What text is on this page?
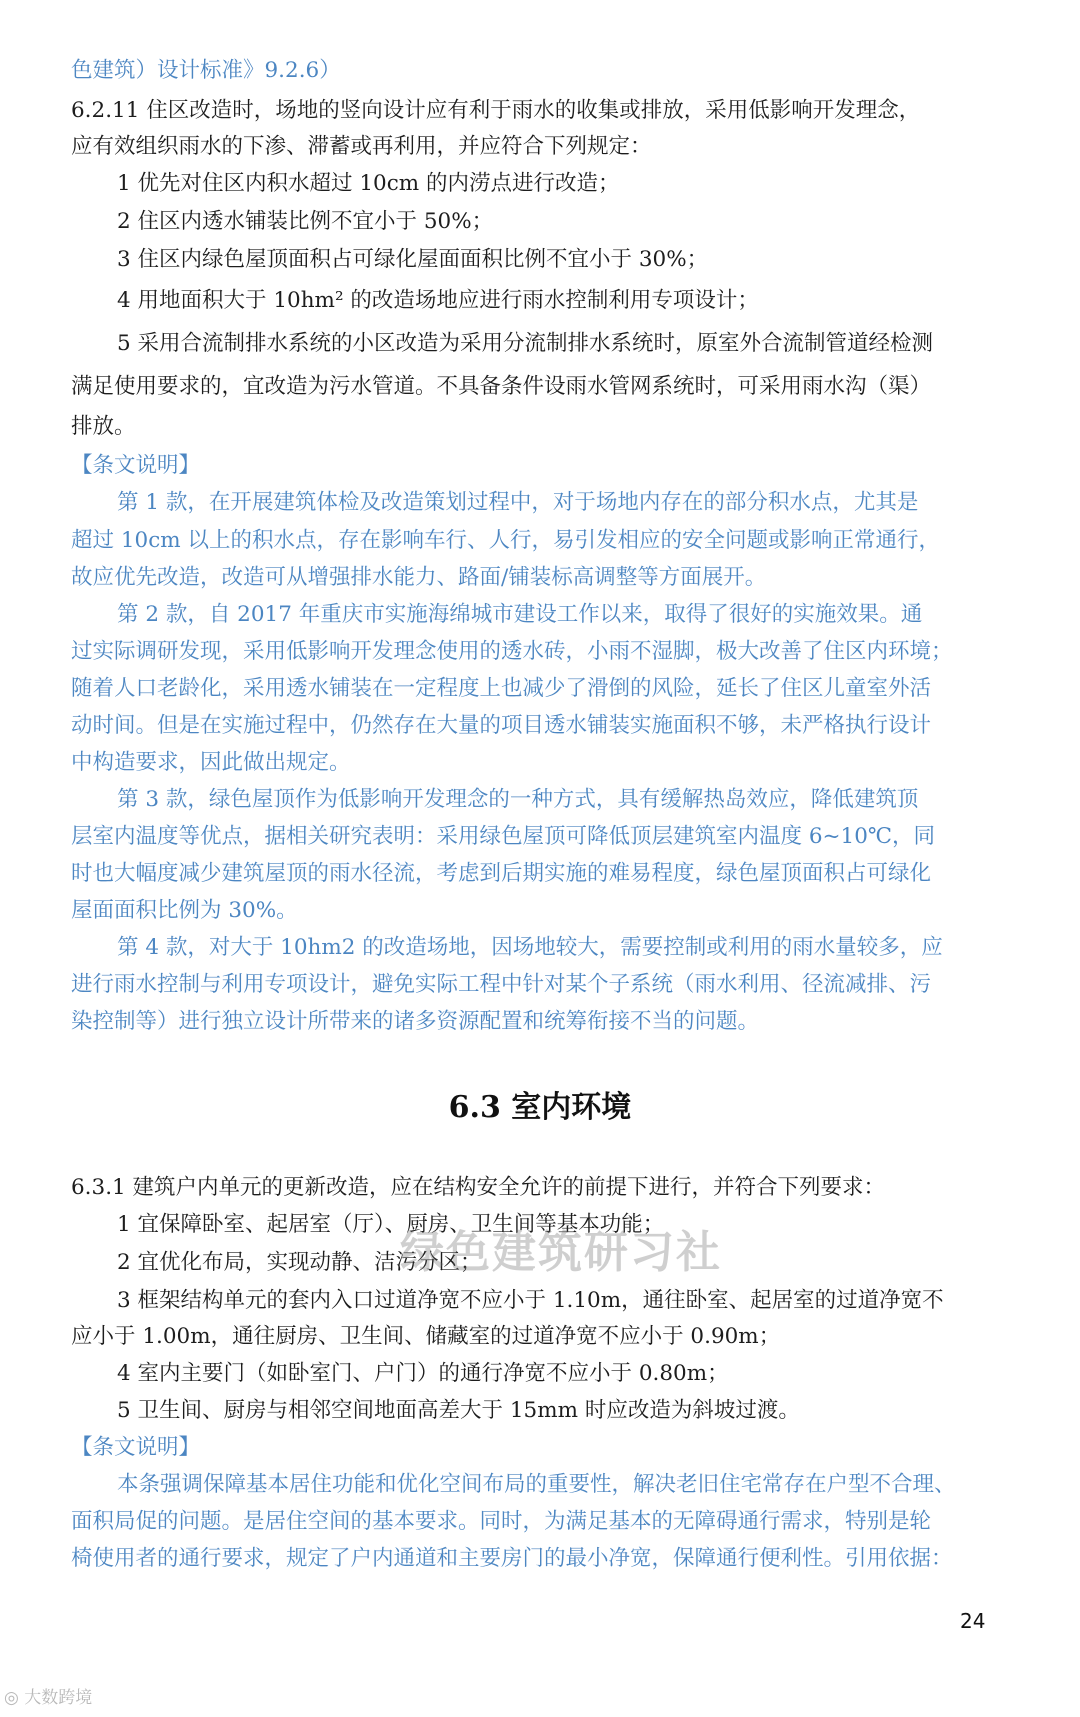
色建筑）设计标准》9.2.6）

6.2.11 住区改造时，场地的竖向设计应有利于雨水的收集或排放，采用低影响开发理念，

应有效组织雨水的下渗、滞蓄或再利用，并应符合下列规定：

1 优先对住区内积水超过 10cm 的内涝点进行改造；

2 住区内透水铺装比例不宜小于 50%；

3 住区内绿色屋顶面积占可绿化屋面面积比例不宜小于 30%；

4 用地面积大于 10hm² 的改造场地应进行雨水控制利用专项设计；

5 采用合流制排水系统的小区改造为采用分流制排水系统时，原室外合流制管道经检测

满足使用要求的，宜改造为污水管道。不具备条件设雨水管网系统时，可采用雨水沟（渠）

排放。

【条文说明】

第 1 款，在开展建筑体检及改造策划过程中，对于场地内存在的部分积水点，尤其是

超过 10cm 以上的积水点，存在影响车行、人行，易引发相应的安全问题或影响正常通行，

故应优先改造，改造可从增强排水能力、路面/铺装标高调整等方面展开。

第 2 款，自 2017 年重庆市实施海绵城市建设工作以来，取得了很好的实施效果。通

过实际调研发现，采用低影响开发理念使用的透水砖，小雨不湿脚，极大改善了住区内环境；

随着人口老龄化，采用透水铺装在一定程度上也减少了滑倒的风险，延长了住区儿童室外活

动时间。但是在实施过程中，仍然存在大量的项目透水铺装实施面积不够，未严格执行设计

中构造要求，因此做出规定。

第 3 款，绿色屋顶作为低影响开发理念的一种方式，具有缓解热岛效应，降低建筑顶

层室内温度等优点，据相关研究表明：采用绿色屋顶可降低顶层建筑室内温度 6~10℃，同

时也大幅度减少建筑屋顶的雨水径流，考虑到后期实施的难易程度，绿色屋顶面积占可绿化

屋面面积比例为 30%。

第 4 款，对大于 10hm2 的改造场地，因场地较大，需要控制或利用的雨水量较多，应

进行雨水控制与利用专项设计，避免实际工程中针对某个子系统（雨水利用、径流减排、污

染控制等）进行独立设计所带来的诸多资源配置和统筹衔接不当的问题。

6.3 室内环境

6.3.1 建筑户内单元的更新改造，应在结构安全允许的前提下进行，并符合下列要求：

1 宜保障卧室、起居室（厅）、厨房、卫生间等基本功能；

2 宜优化布局，实现动静、洁污分区；

3 框架结构单元的套内入口过道净宽不应小于 1.10m，通往卧室、起居室的过道净宽不

应小于 1.00m，通往厨房、卫生间、储藏室的过道净宽不应小于 0.90m；

4 室内主要门（如卧室门、户门）的通行净宽不应小于 0.80m；

5 卫生间、厨房与相邻空间地面高差大于 15mm 时应改造为斜坡过渡。

【条文说明】

本条强调保障基本居住功能和优化空间布局的重要性，解决老旧住宅常存在户型不合理、

面积局促的问题。是居住空间的基本要求。同时，为满足基本的无障碍通行需求，特别是轮

椅使用者的通行要求，规定了户内通道和主要房门的最小净宽，保障通行便利性。引用依据：

绿色建筑研习社

24

◎ 大数跨境
